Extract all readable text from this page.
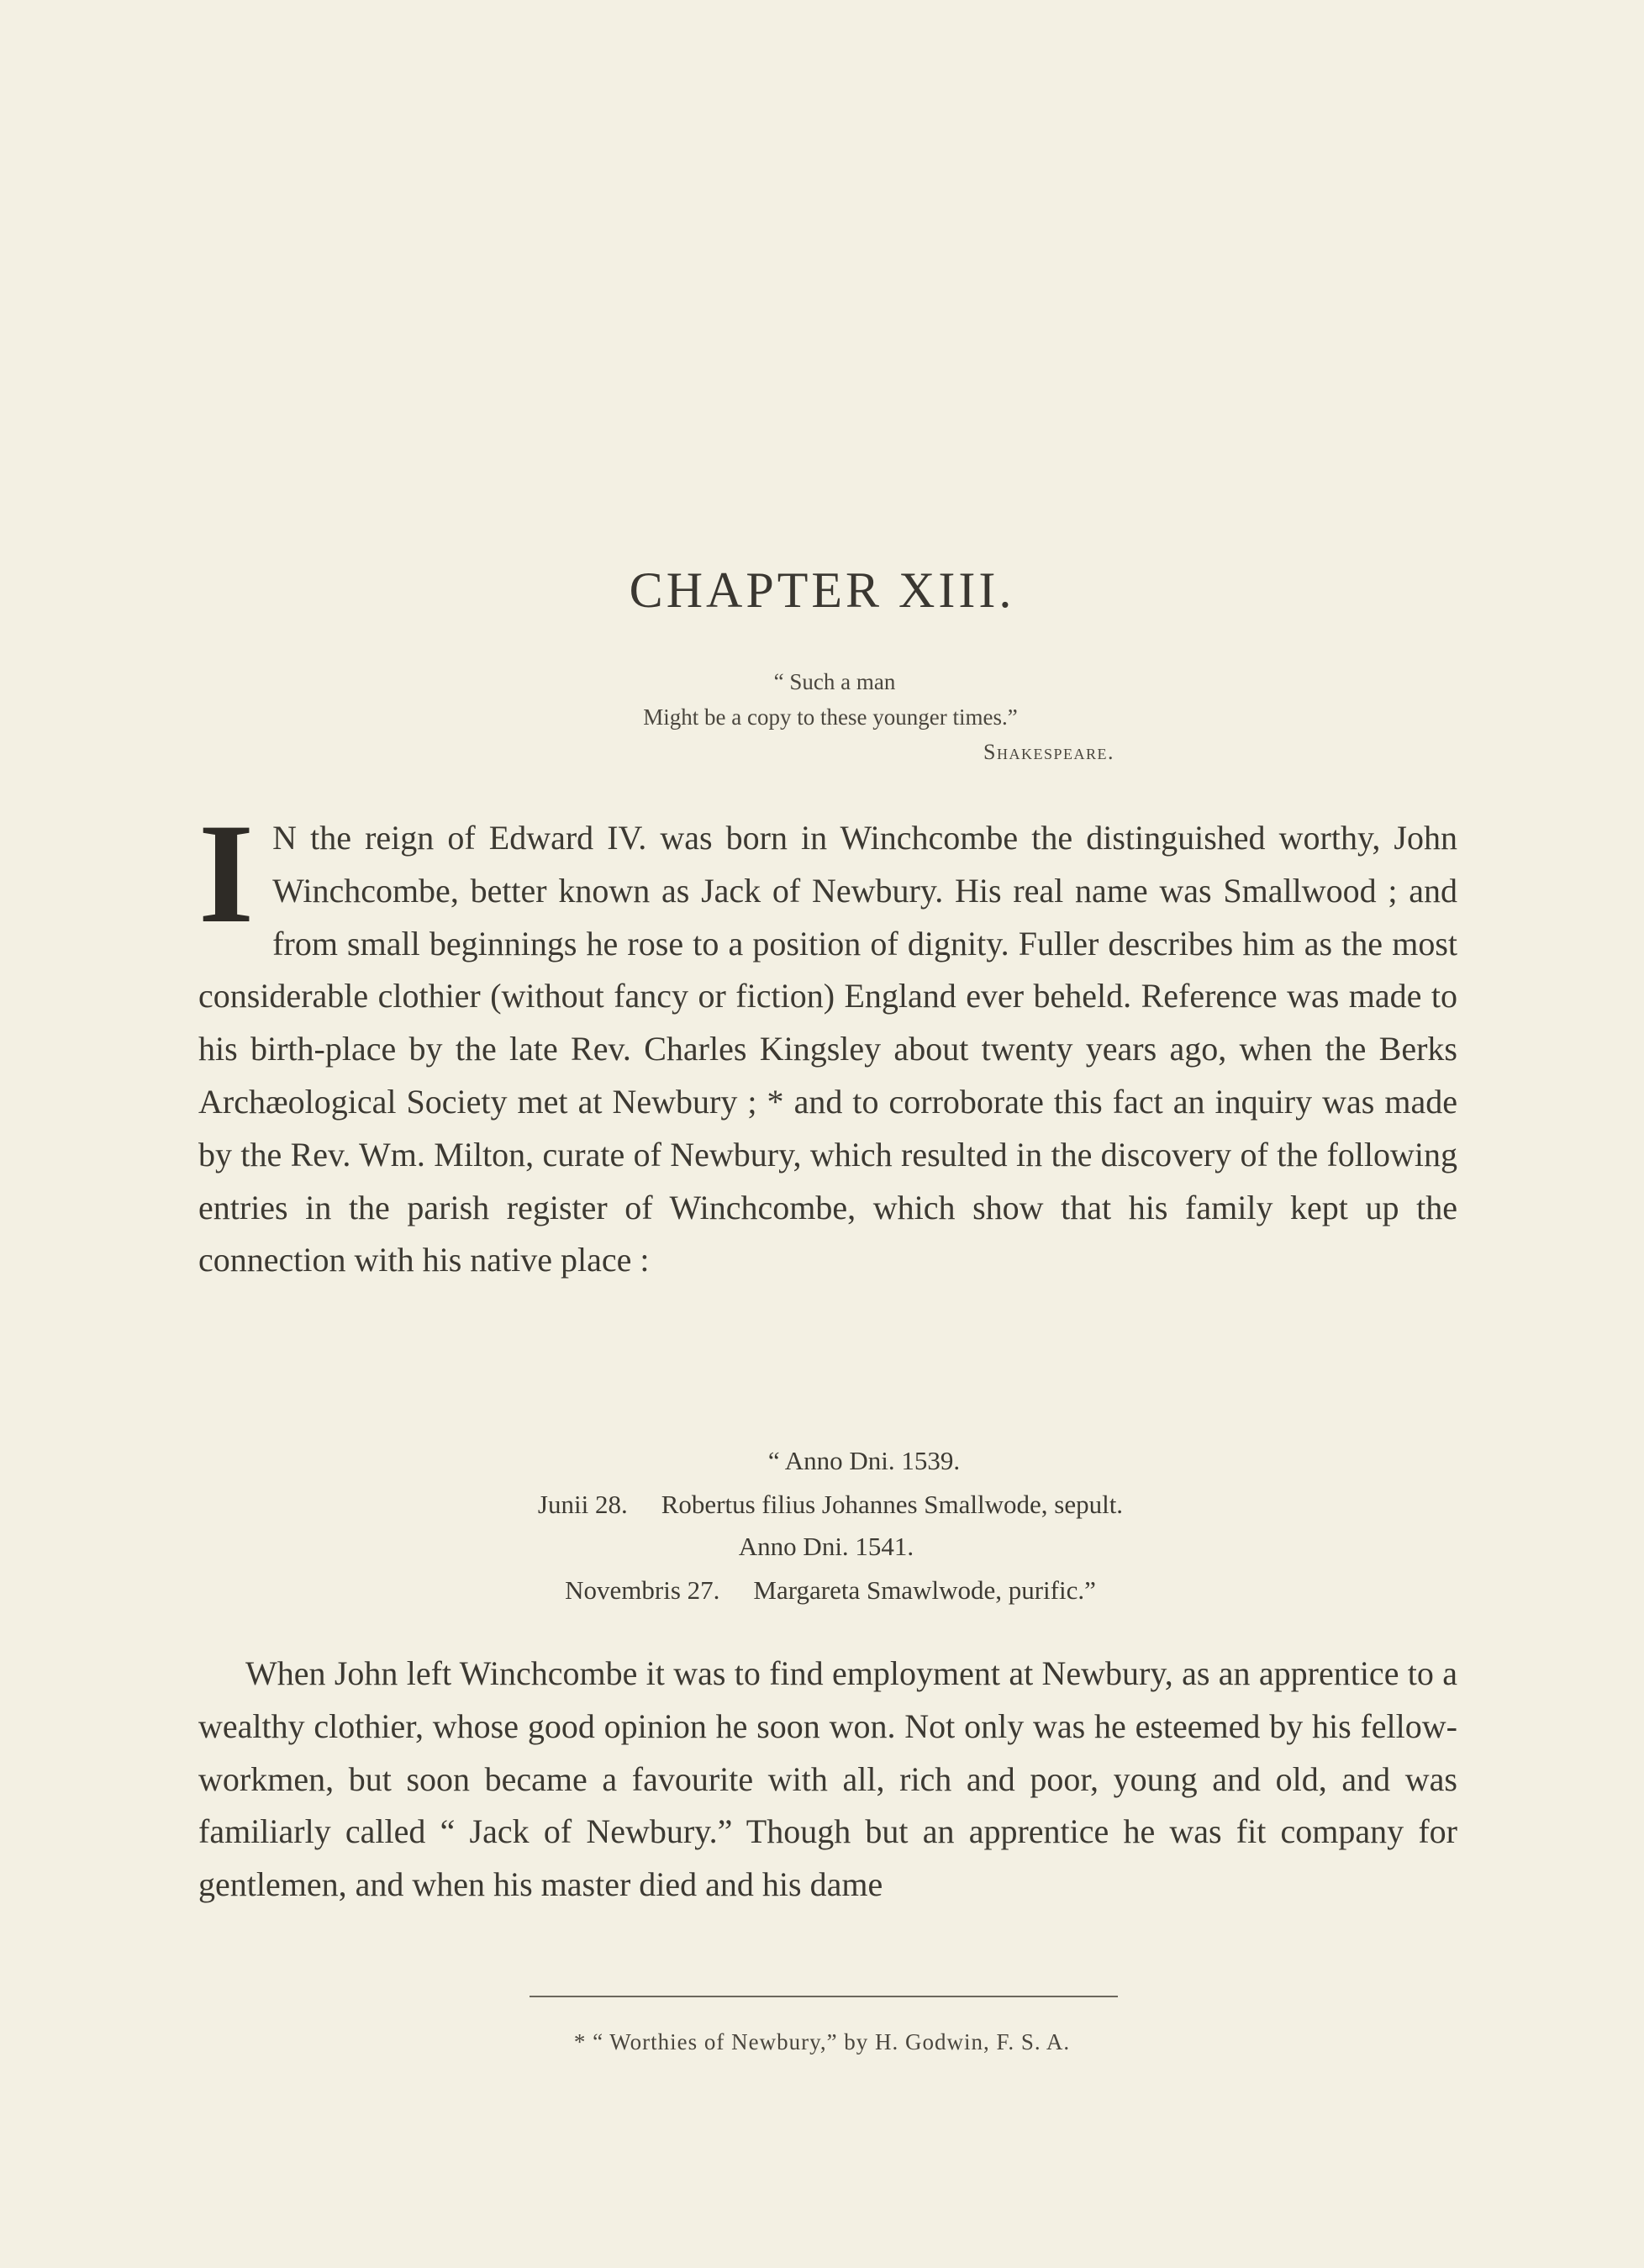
CHAPTER XIII.
“ Such a man
Might be a copy to these younger times.”
Shakespeare.

I N the reign of Edward IV. was born in Winchcombe the distinguished worthy, John Winchcombe, better known as Jack of Newbury. His real name was Smallwood ; and from small beginnings he rose to a position of dignity. Fuller describes him as the most considerable clothier (without fancy or fiction) England ever beheld. Reference was made to his birth-place by the late Rev. Charles Kingsley about twenty years ago, when the Berks Archæological Society met at Newbury ; * and to corroborate this fact an inquiry was made by the Rev. Wm. Milton, curate of Newbury, which resulted in the discovery of the following entries in the parish register of Winchcombe, which show that his family kept up the connection with his native place :

“ Anno Dni. 1539.
Junii 28. Robertus filius Johannes Smallwode, sepult.
Anno Dni. 1541.
Novembris 27. Margareta Smawlwode, purific.”

When John left Winchcombe it was to find employment at Newbury, as an apprentice to a wealthy clothier, whose good opinion he soon won. Not only was he esteemed by his fellow-workmen, but soon became a favourite with all, rich and poor, young and old, and was familiarly called “ Jack of Newbury.” Though but an apprentice he was fit company for gentlemen, and when his master died and his dame

* “ Worthies of Newbury,” by H. Godwin, F. S. A.
